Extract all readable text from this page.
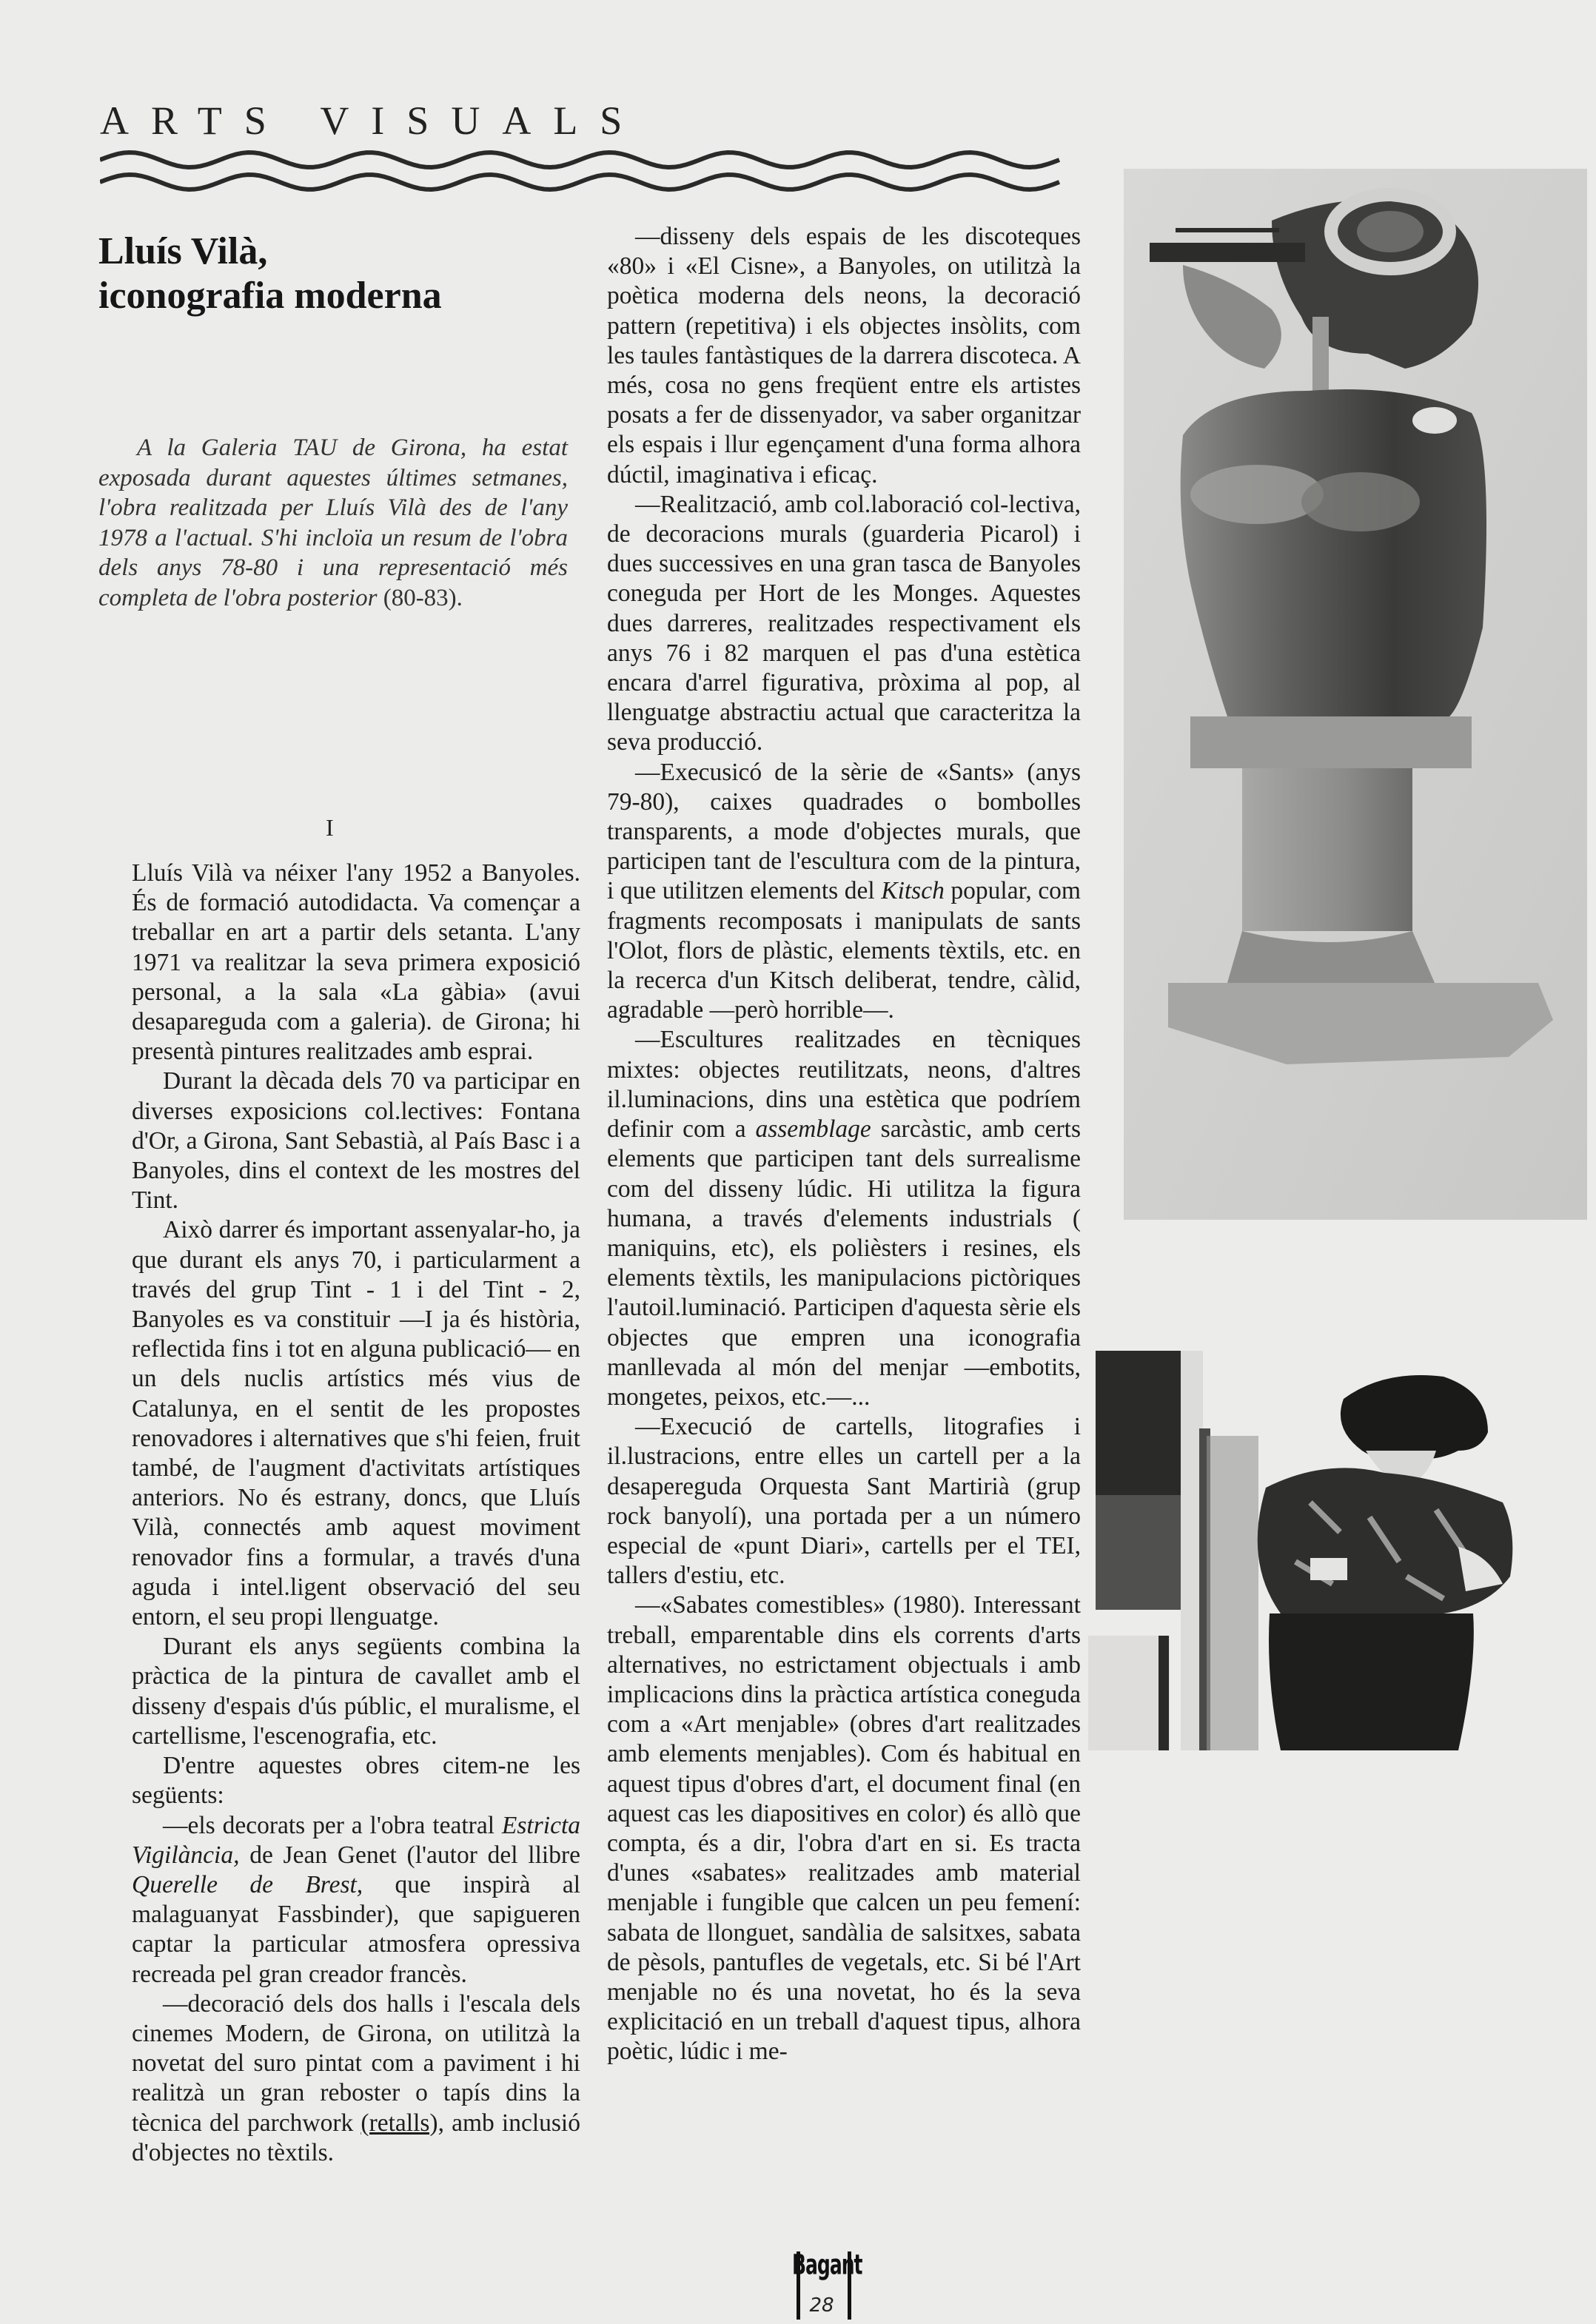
ARTS VISUALS
Lluís Vilà,
iconografia moderna

A la Galeria TAU de Girona, ha estat exposada durant aquestes últimes setmanes, l'obra realitzada per Lluís Vilà des de l'any 1978 a l'actual. S'hi incloïa un resum de l'obra dels anys 78-80 i una representació més completa de l'obra posterior (80-83).

I

Lluís Vilà va néixer l'any 1952 a Banyoles. És de formació autodidacta. Va començar a treballar en art a partir dels setanta. L'any 1971 va realitzar la seva primera exposició personal, a la sala «La gàbia» (avui desapareguda com a galeria). de Girona; hi presentà pintures realitzades amb esprai.

Durant la dècada dels 70 va participar en diverses exposicions col.lectives: Fontana d'Or, a Girona, Sant Sebastià, al País Basc i a Banyoles, dins el context de les mostres del Tint.

Això darrer és important assenyalar-ho, ja que durant els anys 70, i particularment a través del grup Tint - 1 i del Tint - 2, Banyoles es va constituir —I ja és història, reflectida fins i tot en alguna publicació— en un dels nuclis artístics més vius de Catalunya, en el sentit de les propostes renovadores i alternatives que s'hi feien, fruit també, de l'augment d'activitats artístiques anteriors. No és estrany, doncs, que Lluís Vilà, connectés amb aquest moviment renovador fins a formular, a través d'una aguda i intel.ligent observació del seu entorn, el seu propi llenguatge.

Durant els anys següents combina la pràctica de la pintura de cavallet amb el disseny d'espais d'ús públic, el muralisme, el cartellisme, l'escenografia, etc.

D'entre aquestes obres citem-ne les següents:

—els decorats per a l'obra teatral Estricta Vigilància, de Jean Genet (l'autor del llibre Querelle de Brest, que inspirà al malaguanyat Fassbinder), que sapigueren captar la particular atmosfera opressiva recreada pel gran creador francès.

—decoració dels dos halls i l'escala dels cinemes Modern, de Girona, on utilitzà la novetat del suro pintat com a paviment i hi realitzà un gran reboster o tapís dins la tècnica del parchwork (retalls), amb inclusió d'objectes no tèxtils.

—disseny dels espais de les discoteques «80» i «El Cisne», a Banyoles, on utilitzà la poètica moderna dels neons, la decoració pattern (repetitiva) i els objectes insòlits, com les taules fantàstiques de la darrera discoteca. A més, cosa no gens freqüent entre els artistes posats a fer de dissenyador, va saber organitzar els espais i llur egençament d'una forma alhora dúctil, imaginativa i eficaç.

—Realització, amb col.laboració col-lectiva, de decoracions murals (guarderia Picarol) i dues successives en una gran tasca de Banyoles coneguda per Hort de les Monges. Aquestes dues darreres, realitzades respectivament els anys 76 i 82 marquen el pas d'una estètica encara d'arrel figurativa, pròxima al pop, al llenguatge abstractiu actual que caracteritza la seva producció.

—Execusicó de la sèrie de «Sants» (anys 79-80), caixes quadrades o bombolles transparents, a mode d'objectes murals, que participen tant de l'escultura com de la pintura, i que utilitzen elements del Kitsch popular, com fragments recomposats i manipulats de sants l'Olot, flors de plàstic, elements tèxtils, etc. en la recerca d'un Kitsch deliberat, tendre, càlid, agradable —però horrible—.

—Escultures realitzades en tècniques mixtes: objectes reutilitzats, neons, d'altres il.luminacions, dins una estètica que podríem definir com a assemblage sarcàstic, amb certs elements que participen tant dels surrealisme com del disseny lúdic. Hi utilitza la figura humana, a través d'elements industrials ( maniquins, etc), els polièsters i resines, els elements tèxtils, les manipulacions pictòriques l'autoil.luminació. Participen d'aquesta sèrie els objectes que empren una iconografia manllevada al món del menjar —embotits, mongetes, peixos, etc.—...

—Execució de cartells, litografies i il.lustracions, entre elles un cartell per a la desapereguda Orquesta Sant Martirià (grup rock banyolí), una portada per a un número especial de «punt Diari», cartells per el TEI, tallers d'estiu, etc.

—«Sabates comestibles» (1980). Interessant treball, emparentable dins els corrents d'arts alternatives, no estrictament objectuals i amb implicacions dins la pràctica artística coneguda com a «Art menjable» (obres d'art realitzades amb elements menjables). Com és habitual en aquest tipus d'obres d'art, el document final (en aquest cas les diapositives en color) és allò que compta, és a dir, l'obra d'art en si. Es tracta d'unes «sabates» realitzades amb material menjable i fungible que calcen un peu femení: sabata de llonguet, sandàlia de salsitxes, sabata de pèsols, pantufles de vegetals, etc. Si bé l'Art menjable no és una novetat, ho és la seva explicitació en un treball d'aquest tipus, alhora poètic, lúdic i me-

Bagant
28
